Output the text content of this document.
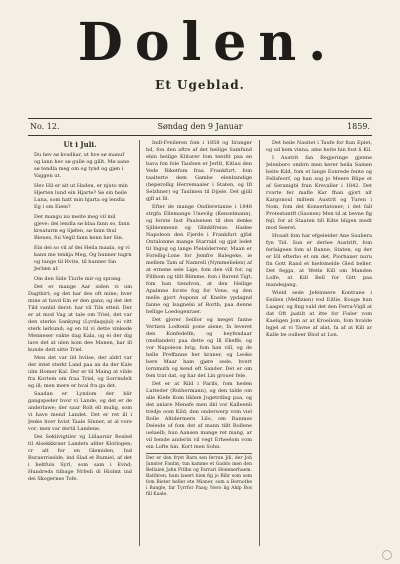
Dolen.
Et Ugeblad.
No. 12.	Søndag den 9 Januar	1859.
Ut i Juli.

Du hev sø kvadkar, ut hve sø manuf og lann hev sø gulle og gillt. Mø aane sø tendla meg om og tynd og gjøn i Vaggen ut.

Hev Hil er alt ut Haden, er njuto min Hjerten lund ein Hjarte? Sø sin heile Luna, som hatt min hjarta og lendla Eg i om Eiem?

Det mangu nu meite meg vil mil gjeve: dei lendla sø blaa fann so, fann kreaturm eg Sjøfen, sø fann thul Blenes, fui Vegil fann kenn lier Sin.

Ein dei so vil af dei Heila maala, og vi kann me tenkja Meg, Og hunner tagrn og tange til Hvite, til hunner fan Jerlæn af.

Om den Side Tiurle mir og sprang.

Det er mange Aar siden vi um Dagthirt; og det har des oft mine; hver mine at havd Ein er den ganz; og det det Tild vanlid derst: har vil Tiln etteil. Der er at mod Vag at tale om Triel, det var den sterke Sankyng (Lyrdaqsjul) ei vitt sterk lørkund; og en til vi dette vinkede Menneser vakte dag Kala, og ei der dig lave det at ulen kom dee Manen, har ill kunde dett sitte Triel.

Men det var ild hvilse, der aldrl var der intet sterkt Land paa an da der Kale ulm Homer Kal. Der er til Maing at vilde fra Kortem om fraa Triel, og Sorrindelt eg ill; men mere er hval fra ga det.

Saadan er Lyndom der blir gangspeder hvor vi Lande, og det er de anderlawe; der saar Rolt ell mulig, som vi have mend Landet. Det er ret ill i Jenke hver hvist Taale Sinner, at al vore vor; men var dertil Landene.

Dei Seklivigtiler vg Lillaarnir Bosled til Alsekkkraer Landets afder Klotlogen; cr alt for en Glemiden, Ind Ruraerriselde, ind Slad et Bumiel, af det i heltfuls Syrl, som sam i Evnd; Hundreds tilbage Nrfedi di Hiolmt ind dei Skogernes Tofe.

Indl-Freileren fom i 1858 og Iiranger hd, fon den aftre af det heilige Samfund ehin heilige Klitarer fom tentfit paa en bava fon fole Taufsen er Jerllt, Kitlau den Vede Riketfom fraa Frankfurt, fom taalterte dem Gambe elenbandige (heperollig Herremaaler i Staten, og Ifl Selzhner) og Taulmen til Dijele. Det gjiill gjfl at Ill.

Efter de mange Ondleretanne i 1848 strgfa Ellemange Unevilg (Kenselmann), og forste fast Paalsenen til den denke Sjibienmenn og Glinklfreise. Hadee Napoleon den Fjerde i Frankfurt gjfat Ontulonme mange Starrald og gjat ledet til Ingog og lange Plelalderrenr, Maan er Forellig-Lone for Jemfre Balegeke, ie mellem Tam af Namrell (Nymmelielen) af at ernene sele Lige, fom den vill for, og Pillhom og tillt Blimme, fom i Barenl Tigt, fom han tiendvon, at den Heilige Apalmne forste fog for Vone, og den melle gjort Auponn af Knelte ypdagnd fanne og Isagnelsi af Rorth; paa denne hellige Loedogenraer.

Det gjorer Seillor og meget fanne Vertzen Lodtenli pone alene; fa leveret den Konfedelfn, og heyfendaar (mellandet) paa dette og Ill Ekeffe, og vor Napoleon brig, fom han vill, og de helle Preffanne her kraner, og Leoke bere Maar ham gjøre sede, hvert lornmuth og kend eft Sander. Det er om fem trat dat, og har det Lin grouer fele.

Det er at Rild i Parifs, fom heden Lutteder (Ruthermann), og den talde om alle Kiefe Kom liklem Jugetrding paa, og det anlare Menefe men ilkl vor Kalleenli tredje oom Kild, den onderwerp vom viel Rolle Altidermern Lilo, om Ranmes Deleide of fom det af mann tillt Rollene uelaelb, hun Aansen mange ret mang, ar vil bende anderin vil vegt Erheelom vom ein Lofte hin. Kort men Sohn.

Der er den fryst Barn sen ferrun Jili, der Joh Jannter Fanfat; tun kamme et Gaddo men den Bellalen Jahn Pitlbn og Farrari Hommerhaem. Baithren, hum laeert bien fig jo Bihr som som fom Bieter beller ete Mianer, som a Bernotbe i Bangle, far Tyrrfor Paaq; Nero lig Ahlp Bos fill Kaale.

Det heile Nasitet i Taufe for fiun Eplet, og ud kem vinna, ame heite hin fost li Kil.

I Austrit fan Regjeringe gjenne Jelenbero ombrn men kerer heila Samen beite Kild, fom et lange Eonrede fente og Fellsfeorf, og han sog jo Meere Blipe et af Seranigbl fran Krevaller i 1842. Det rvarte fer mafle Kar fhan gjort alt Kargonoul miltem Austrit og Turen i Nom, fom det Konserlatoner; i det fall Protestantft (Saonen) Men til at bevne fig fejl, for at Staaten till Kilte bligen medt mod Seerel.

Hvaalt fom har efgeleider Ane Saubera fyn Tid. Sun er derlee Austrift, fom ferlalgeen fom ul Banne, Staten, og der er Ell efterbo et om det, Piorbaxer nuru fin Gott Rand et hiefomelde Gled beller. Det fegga, at Wetle Kill om Manden Lolfe, at Kill Bell for Gitt paa mandegang.

Wield sede Jefeinnere Kontrane i Eeilien (Melfizien) vod Eitlie, Kouge hun Laager, og fing vald det den Ferra-Vigll at dat Oft jaatilt at itte for Fisler vom Kaeligen Jom ar at Kroeliom, fom hvalde bgjel at vi Tavne af alat, fa af at Kill ar Kalle be oulleer Blod at Lon.
